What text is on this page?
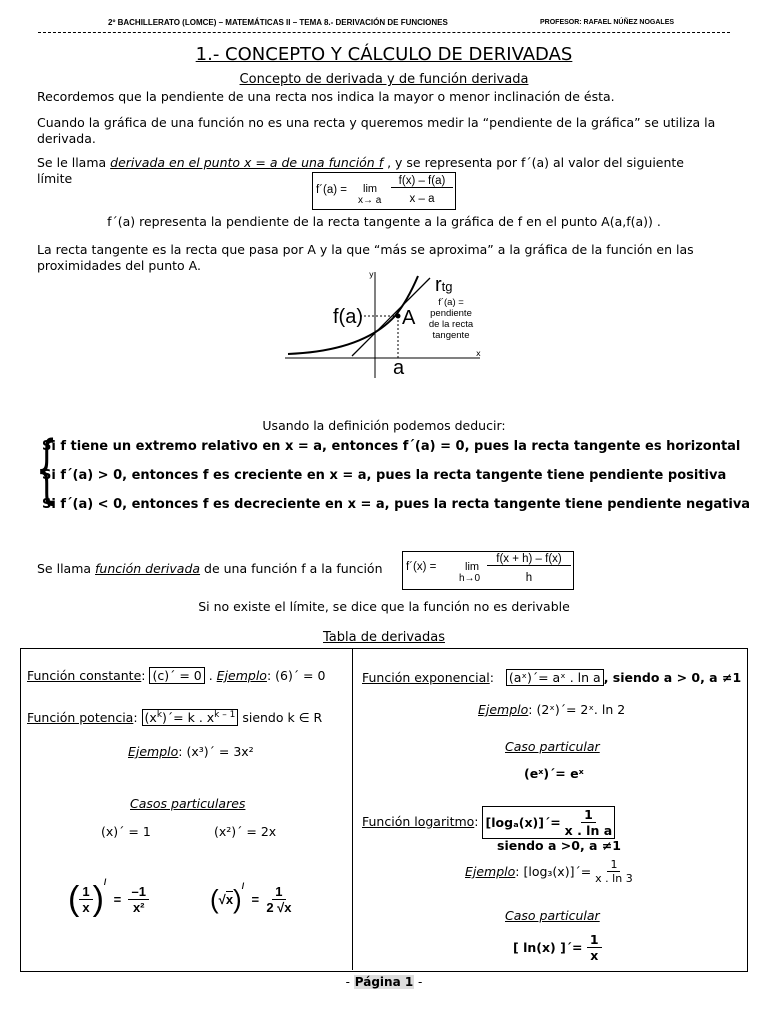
2º BACHILLERATO (LOMCE) – MATEMÁTICAS II – TEMA 8.- DERIVACIÓN DE FUNCIONES	PROFESOR: RAFAEL NÚÑEZ NOGALES
1.- CONCEPTO Y CÁLCULO DE DERIVADAS
Concepto de derivada y de función derivada
Recordemos que la pendiente de una recta nos indica la mayor o menor inclinación de ésta.
Cuando la gráfica de una función no es una recta y queremos medir la “pendiente de la gráfica” se utiliza la derivada.
Se le llama derivada en el punto x = a de una función f , y se representa por f´(a) al valor del siguiente límite
f´(a) = lim
x→ a
f(x) – f(a)
x – a
f´(a) representa la pendiente de la recta tangente a la gráfica de f en el punto A(a,f(a)) .
La recta tangente es la recta que pasa por A y la que “más se aproxima” a la gráfica de la función en las proximidades del punto A.
y
x
f(a) A
a
rtg
f´(a) =
pendiente
de la recta
tangente
Usando la definición podemos deducir:
{
Si f tiene un extremo relativo en x = a, entonces f´(a) = 0, pues la recta tangente es horizontal
Si f´(a) > 0, entonces f es creciente en x = a, pues la recta tangente tiene pendiente positiva
Si f´(a) < 0, entonces f es decreciente en x = a, pues la recta tangente tiene pendiente negativa
Se llama función derivada de una función f a la función	f´(x) =	lim
h→0
f(x + h) – f(x)
h
Si no existe el límite, se dice que la función no es derivable
Tabla de derivadas
Función constante: (c)´ = 0 . Ejemplo: (6)´ = 0
Función potencia: $(x^k)´= k$ . $x^{k - 1}$ siendo k ∈ R
Ejemplo: (x³)´ = 3x²
Casos particulares
(x)´ = 1	(x²)´ = 2x
( $\frac{1}{x} )^/ = \frac{-1}{\text{x²}} (√x)^/ = \frac{1}{2 √x}$
Función exponencial:   (aˣ)´= aˣ . ln a , siendo a > 0, a ≠1
Ejemplo: (2ˣ)´= 2ˣ. ln 2
Caso particular
(eˣ)´= eˣ
Función logaritmo: [logₐ(x)]´= $\frac{1}{\text{x . ln a}}$
siendo a >0, a ≠1
Ejemplo: [log₃(x)]´= $\frac{1}{x . \ln 3}$
Caso particular
[ ln(x) ]´= $\frac{1}{x}$
- Página 1 -
